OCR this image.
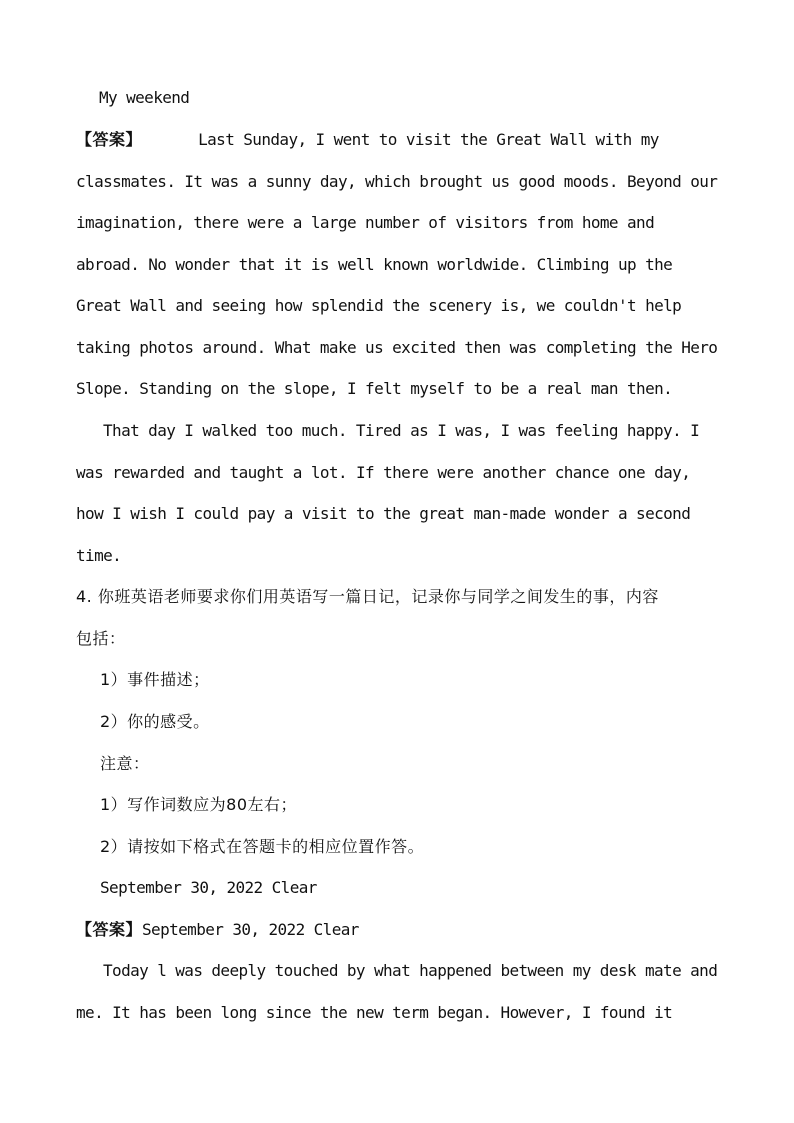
My weekend
【答案】	Last Sunday, I went to visit the Great Wall with my
classmates. It was a sunny day, which brought us good moods. Beyond our
imagination, there were a large number of visitors from home and
abroad. No wonder that it is well known worldwide. Climbing up the
Great Wall and seeing how splendid the scenery is, we couldn't help
taking photos around. What make us excited then was completing the Hero
Slope. Standing on the slope, I felt myself to be a real man then.
That day I walked too much. Tired as I was, I was feeling happy. I
was rewarded and taught a lot. If there were another chance one day,
how I wish I could pay a visit to the great man-made wonder a second
time.
4. 你班英语老师要求你们用英语写一篇日记，记录你与同学之间发生的事，内容
包括：
1）事件描述；
2）你的感受。
注意：
1）写作词数应为80左右；
2）请按如下格式在答题卡的相应位置作答。
September 30, 2022 Clear
【答案】September 30, 2022 Clear
Today l was deeply touched by what happened between my desk mate and
me. It has been long since the new term began. However, I found it
